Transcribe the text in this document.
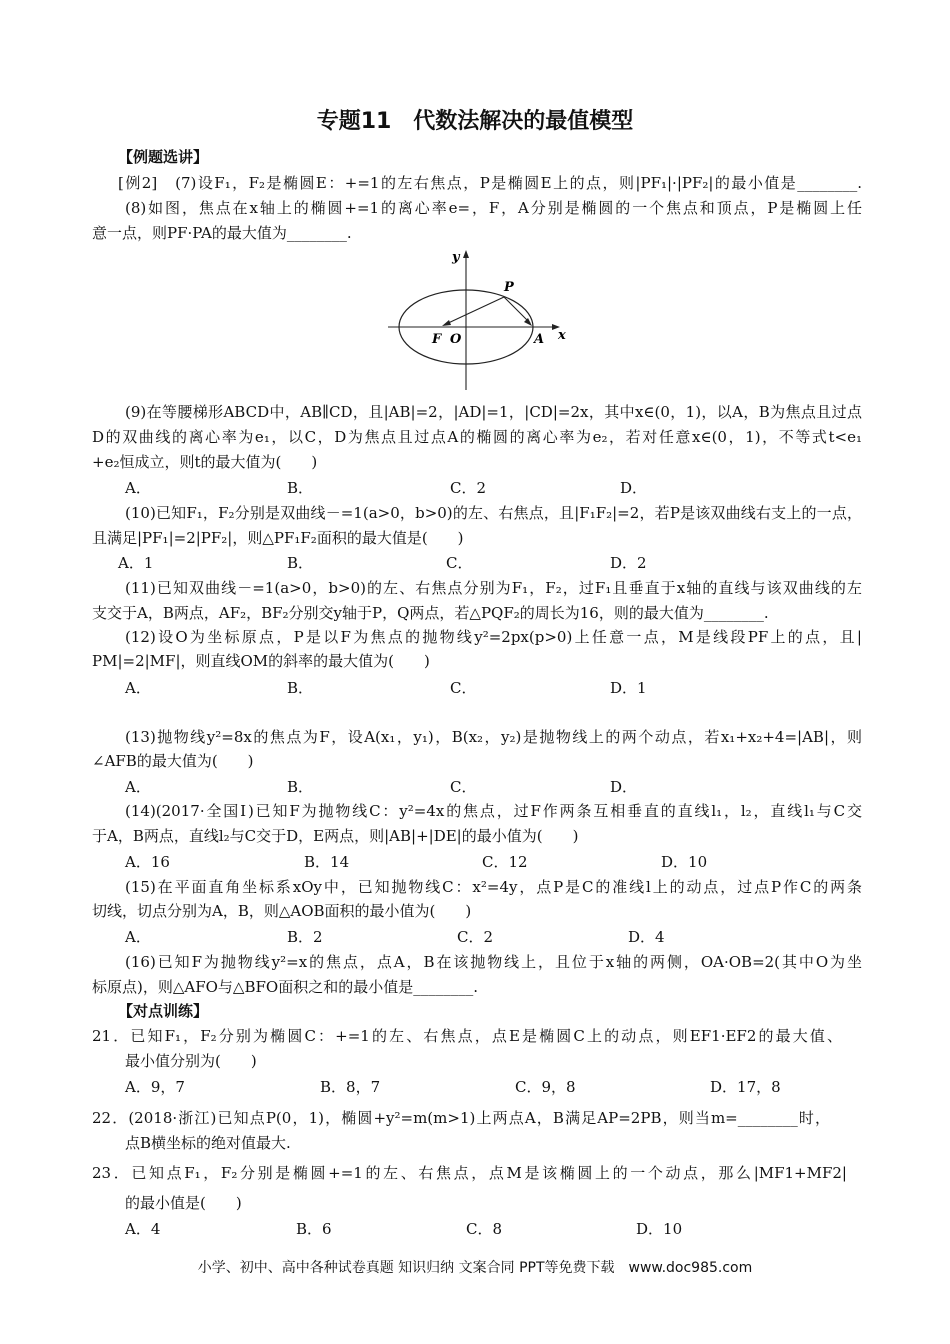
专题11　代数法解决的最值模型
【例题选讲】
[例2]　(7)设F₁，F₂是椭圆E：+=1的左右焦点，P是椭圆E上的点，则|PF₁|·|PF₂|的最小值是________.
(8)如图，焦点在x轴上的椭圆+=1的离心率e=，F，A分别是椭圆的一个焦点和顶点，P是椭圆上任
意一点，则PF·PA的最大值为________.
y
x
P
F O	A
(9)在等腰梯形ABCD中，AB∥CD，且|AB|=2，|AD|=1，|CD|=2x，其中x∈(0，1)，以A，B为焦点且过点
D的双曲线的离心率为e₁，以C，D为焦点且过点A的椭圆的离心率为e₂，若对任意x∈(0，1)，不等式t<e₁
+e₂恒成立，则t的最大值为(　　)
A．	B．	C．2	D．
(10)已知F₁，F₂分别是双曲线－=1(a>0，b>0)的左、右焦点，且|F₁F₂|=2，若P是该双曲线右支上的一点，
且满足|PF₁|=2|PF₂|，则△PF₁F₂面积的最大值是(　　)
A．1	B．	C．	D．2
(11)已知双曲线－=1(a>0，b>0)的左、右焦点分别为F₁，F₂，过F₁且垂直于x轴的直线与该双曲线的左
支交于A，B两点，AF₂，BF₂分别交y轴于P，Q两点，若△PQF₂的周长为16，则的最大值为________.
(12)设O为坐标原点，P是以F为焦点的抛物线y²=2px(p>0)上任意一点，M是线段PF上的点，且|
PM|=2|MF|，则直线OM的斜率的最大值为(　　)
A．	B．	C．	D．1
(13)抛物线y²=8x的焦点为F，设A(x₁，y₁)，B(x₂，y₂)是抛物线上的两个动点，若x₁+x₂+4=|AB|，则
∠AFB的最大值为(　　)
A．	B．	C．	D．
(14)(2017·全国Ⅰ)已知F为抛物线C：y²=4x的焦点，过F作两条互相垂直的直线l₁，l₂，直线l₁与C交
于A，B两点，直线l₂与C交于D，E两点，则|AB|+|DE|的最小值为(　　)
A．16	B．14	C．12	D．10
(15)在平面直角坐标系xOy中，已知抛物线C：x²=4y，点P是C的准线l上的动点，过点P作C的两条
切线，切点分别为A，B，则△AOB面积的最小值为(　　)
A．	B．2	C．2	D．4
(16)已知F为抛物线y²=x的焦点，点A，B在该抛物线上，且位于x轴的两侧，OA·OB=2(其中O为坐
标原点)，则△AFO与△BFO面积之和的最小值是________.
【对点训练】
21．已知F₁，F₂分别为椭圆C：+=1的左、右焦点，点E是椭圆C上的动点，则EF1·EF2的最大值、
最小值分别为(　　)
A．9，7	B．8，7	C．9，8	D．17，8
22．(2018·浙江)已知点P(0，1)，椭圆+y²=m(m>1)上两点A，B满足AP=2PB，则当m=________时，
点B横坐标的绝对值最大.
23．已知点F₁，F₂分别是椭圆+=1的左、右焦点，点M是该椭圆上的一个动点，那么|MF1+MF2|
的最小值是(　　)
A．4	B．6	C．8	D．10
小学、初中、高中各种试卷真题 知识归纳 文案合同 PPT等免费下载　www.doc985.com
